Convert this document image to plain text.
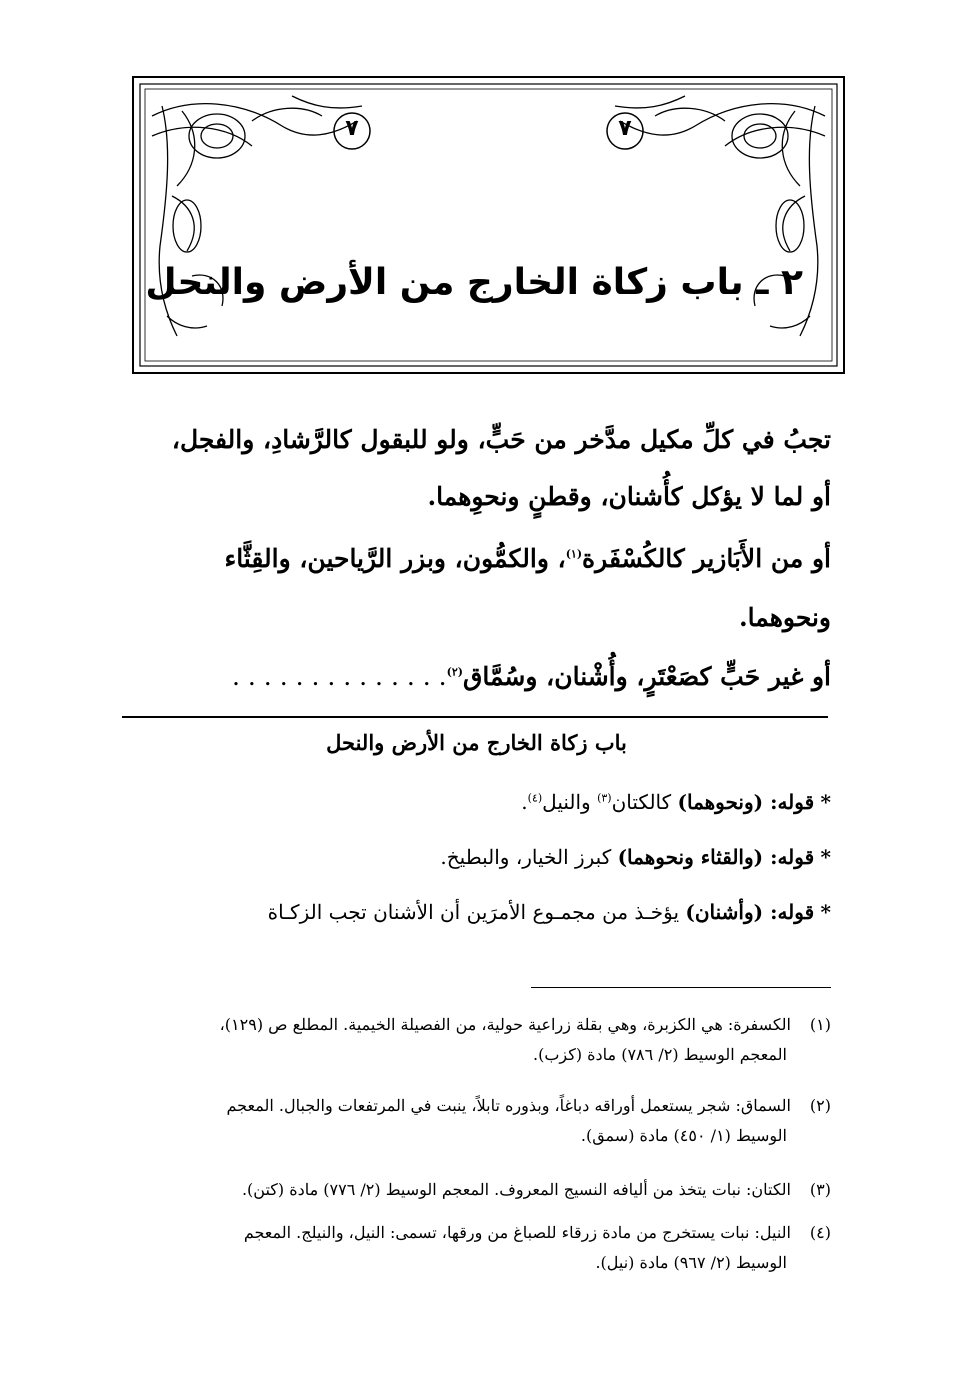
٧	٧
٢ ـ باب زكاة الخارج من الأرض والنحل
تجبُ في كلِّ مكيل مدَّخر من حَبٍّ، ولو للبقول كالرَّشادِ، والفجل،
أو لما لا يؤكل كأُشنان، وقطنٍ ونحوِهما.
أو من الأَبَازير كالكُسْفَرة$^{(١)}$، والكمُّون، وبزر الرَّياحين، والقِثَّاء
ونحوهما.
أو غير حَبٍّ كصَعْتَرٍ، وأُشْنان، وسُمَّاق$^{(٢)}$. . . . . . . . . . . . . .
باب زكاة الخارج من الأرض والنحل
* قوله: (ونحوهما) كالكتان$^{(٣)}$ والنيل$^{(٤)}$.
* قوله: (والقثاء ونحوهما) كبرز الخيار، والبطيخ.
* قوله: (وأشنان) يؤخـذ من مجمـوع الأمرَين أن الأشنان تجب الزكـاة
(١)الكسفرة: هي الكزبرة، وهي بقلة زراعية حولية، من الفصيلة الخيمية. المطلع ص (١٢٩)،
المعجم الوسيط (٢/ ٧٨٦) مادة (كزب).
(٢)السماق: شجر يستعمل أوراقه دباغاً، وبذوره تابلاً، ينبت في المرتفعات والجبال. المعجم
الوسيط (١/ ٤٥٠) مادة (سمق).
(٣)الكتان: نبات يتخذ من أليافه النسيج المعروف. المعجم الوسيط (٢/ ٧٧٦) مادة (كتن).
(٤)النيل: نبات يستخرج من مادة زرقاء للصباغ من ورقها، تسمى: النيل، والنيلج. المعجم
الوسيط (٢/ ٩٦٧) مادة (نيل).
